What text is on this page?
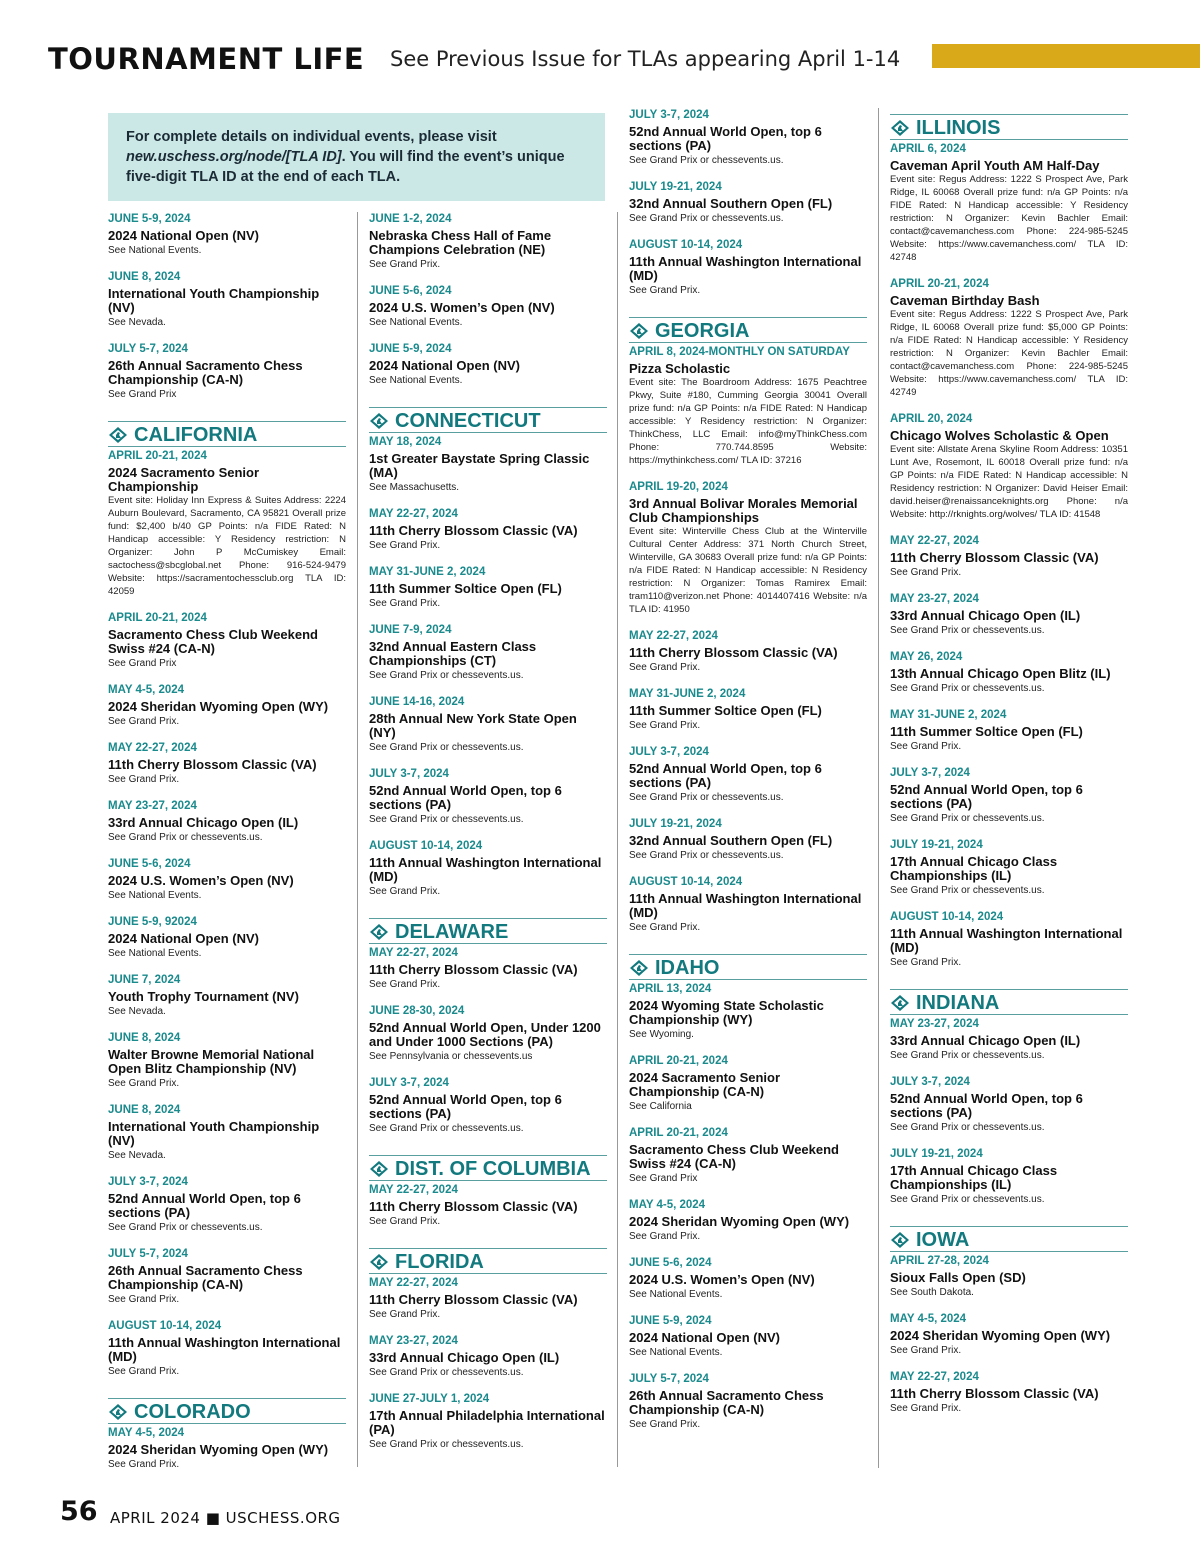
TOURNAMENT LIFE See Previous Issue for TLAs appearing April 1-14
For complete details on individual events, please visit
new.uschess.org/node/[TLA ID]. You will find the event’s unique five-digit TLA ID at the end of each TLA.
JUNE 5-9, 2024
2024 National Open (NV)
See National Events.
JUNE 8, 2024
International Youth Championship (NV)
See Nevada.
JULY 5-7, 2024
26th Annual Sacramento Chess Championship (CA-N)
See Grand Prix
CALIFORNIA
APRIL 20-21, 2024
2024 Sacramento Senior Championship
Event site: Holiday Inn Express & Suites Address: 2224 Auburn Boulevard, Sacramento, CA 95821 Overall prize fund: $2,400 b/40 GP Points: n/a FIDE Rated: N Handicap accessible: Y Residency restriction: N Organizer: John P McCumiskey Email: sactochess@sbcglobal.net Phone: 916-524-9479 Website: https://sacramentochessclub.org TLA ID: 42059
APRIL 20-21, 2024
Sacramento Chess Club Weekend Swiss #24 (CA-N)
See Grand Prix
MAY 4-5, 2024
2024 Sheridan Wyoming Open (WY)
See Grand Prix.
MAY 22-27, 2024
11th Cherry Blossom Classic (VA)
See Grand Prix.
MAY 23-27, 2024
33rd Annual Chicago Open (IL)
See Grand Prix or chessevents.us.
JUNE 5-6, 2024
2024 U.S. Women’s Open (NV)
See National Events.
JUNE 5-9, 92024
2024 National Open (NV)
See National Events.
JUNE 7, 2024
Youth Trophy Tournament (NV)
See Nevada.
JUNE 8, 2024
Walter Browne Memorial National Open Blitz Championship (NV)
See Grand Prix.
JUNE 8, 2024
International Youth Championship (NV)
See Nevada.
JULY 3-7, 2024
52nd Annual World Open, top 6 sections (PA)
See Grand Prix or chessevents.us.
JULY 5-7, 2024
26th Annual Sacramento Chess Championship (CA-N)
See Grand Prix.
AUGUST 10-14, 2024
11th Annual Washington International (MD)
See Grand Prix.
COLORADO
MAY 4-5, 2024
2024 Sheridan Wyoming Open (WY)
See Grand Prix.
JUNE 1-2, 2024
Nebraska Chess Hall of Fame Champions Celebration (NE)
See Grand Prix.
JUNE 5-6, 2024
2024 U.S. Women’s Open (NV)
See National Events.
JUNE 5-9, 2024
2024 National Open (NV)
See National Events.
CONNECTICUT
MAY 18, 2024
1st Greater Baystate Spring Classic (MA)
See Massachusetts.
MAY 22-27, 2024
11th Cherry Blossom Classic (VA)
See Grand Prix.
MAY 31-JUNE 2, 2024
11th Summer Soltice Open (FL)
See Grand Prix.
JUNE 7-9, 2024
32nd Annual Eastern Class Championships (CT)
See Grand Prix or chessevents.us.
JUNE 14-16, 2024
28th Annual New York State Open (NY)
See Grand Prix or chessevents.us.
JULY 3-7, 2024
52nd Annual World Open, top 6 sections (PA)
See Grand Prix or chessevents.us.
AUGUST 10-14, 2024
11th Annual Washington International (MD)
See Grand Prix.
DELAWARE
MAY 22-27, 2024
11th Cherry Blossom Classic (VA)
See Grand Prix.
JUNE 28-30, 2024
52nd Annual World Open, Under 1200 and Under 1000 Sections (PA)
See Pennsylvania or chessevents.us
JULY 3-7, 2024
52nd Annual World Open, top 6 sections (PA)
See Grand Prix or chessevents.us.
DIST. OF COLUMBIA
MAY 22-27, 2024
11th Cherry Blossom Classic (VA)
See Grand Prix.
FLORIDA
MAY 22-27, 2024
11th Cherry Blossom Classic (VA)
See Grand Prix.
MAY 23-27, 2024
33rd Annual Chicago Open (IL)
See Grand Prix or chessevents.us.
JUNE 27-JULY 1, 2024
17th Annual Philadelphia International (PA)
See Grand Prix or chessevents.us.
JULY 3-7, 2024
52nd Annual World Open, top 6 sections (PA)
See Grand Prix or chessevents.us.
JULY 19-21, 2024
32nd Annual Southern Open (FL)
See Grand Prix or chessevents.us.
AUGUST 10-14, 2024
11th Annual Washington International (MD)
See Grand Prix.
GEORGIA
APRIL 8, 2024-MONTHLY ON SATURDAY
Pizza Scholastic
Event site: The Boardroom Address: 1675 Peachtree Pkwy, Suite #180, Cumming Georgia 30041 Overall prize fund: n/a GP Points: n/a FIDE Rated: N Handicap accessible: Y Residency restriction: N Organizer: ThinkChess, LLC Email: info@myThinkChess.com Phone: 770.744.8595 Website: https://mythinkchess.com/ TLA ID: 37216
APRIL 19-20, 2024
3rd Annual Bolivar Morales Memorial Club Championships
Event site: Winterville Chess Club at the Winterville Cultural Center Address: 371 North Church Street, Winterville, GA 30683 Overall prize fund: n/a GP Points: n/a FIDE Rated: N Handicap accessible: N Residency restriction: N Organizer: Tomas Ramirex Email: tram110@verizon.net Phone: 4014407416 Website: n/a TLA ID: 41950
MAY 22-27, 2024
11th Cherry Blossom Classic (VA)
See Grand Prix.
MAY 31-JUNE 2, 2024
11th Summer Soltice Open (FL)
See Grand Prix.
JULY 3-7, 2024
52nd Annual World Open, top 6 sections (PA)
See Grand Prix or chessevents.us.
JULY 19-21, 2024
32nd Annual Southern Open (FL)
See Grand Prix or chessevents.us.
AUGUST 10-14, 2024
11th Annual Washington International (MD)
See Grand Prix.
IDAHO
APRIL 13, 2024
2024 Wyoming State Scholastic Championship (WY)
See Wyoming.
APRIL 20-21, 2024
2024 Sacramento Senior Championship (CA-N)
See California
APRIL 20-21, 2024
Sacramento Chess Club Weekend Swiss #24 (CA-N)
See Grand Prix
MAY 4-5, 2024
2024 Sheridan Wyoming Open (WY)
See Grand Prix.
JUNE 5-6, 2024
2024 U.S. Women’s Open (NV)
See National Events.
JUNE 5-9, 2024
2024 National Open (NV)
See National Events.
JULY 5-7, 2024
26th Annual Sacramento Chess Championship (CA-N)
See Grand Prix.
ILLINOIS
APRIL 6, 2024
Caveman April Youth AM Half-Day
Event site: Regus Address: 1222 S Prospect Ave, Park Ridge, IL 60068 Overall prize fund: n/a GP Points: n/a FIDE Rated: N Handicap accessible: Y Residency restriction: N Organizer: Kevin Bachler Email: contact@cavemanchess.com Phone: 224-985-5245 Website: https://www.cavemanchess.com/ TLA ID: 42748
APRIL 20-21, 2024
Caveman Birthday Bash
Event site: Regus Address: 1222 S Prospect Ave, Park Ridge, IL 60068 Overall prize fund: $5,000 GP Points: n/a FIDE Rated: N Handicap accessible: Y Residency restriction: N Organizer: Kevin Bachler Email: contact@cavemanchess.com Phone: 224-985-5245 Website: https://www.cavemanchess.com/ TLA ID: 42749
APRIL 20, 2024
Chicago Wolves Scholastic & Open
Event site: Allstate Arena Skyline Room Address: 10351 Lunt Ave, Rosemont, IL 60018 Overall prize fund: n/a GP Points: n/a FIDE Rated: N Handicap accessible: N Residency restriction: N Organizer: David Heiser Email: david.heiser@renaissanceknights.org Phone: n/a Website: http://rknights.org/wolves/ TLA ID: 41548
MAY 22-27, 2024
11th Cherry Blossom Classic (VA)
See Grand Prix.
MAY 23-27, 2024
33rd Annual Chicago Open (IL)
See Grand Prix or chessevents.us.
MAY 26, 2024
13th Annual Chicago Open Blitz (IL)
See Grand Prix or chessevents.us.
MAY 31-JUNE 2, 2024
11th Summer Soltice Open (FL)
See Grand Prix.
JULY 3-7, 2024
52nd Annual World Open, top 6 sections (PA)
See Grand Prix or chessevents.us.
JULY 19-21, 2024
17th Annual Chicago Class Championships (IL)
See Grand Prix or chessevents.us.
AUGUST 10-14, 2024
11th Annual Washington International (MD)
See Grand Prix.
INDIANA
MAY 23-27, 2024
33rd Annual Chicago Open (IL)
See Grand Prix or chessevents.us.
JULY 3-7, 2024
52nd Annual World Open, top 6 sections (PA)
See Grand Prix or chessevents.us.
JULY 19-21, 2024
17th Annual Chicago Class Championships (IL)
See Grand Prix or chessevents.us.
IOWA
APRIL 27-28, 2024
Sioux Falls Open (SD)
See South Dakota.
MAY 4-5, 2024
2024 Sheridan Wyoming Open (WY)
See Grand Prix.
MAY 22-27, 2024
11th Cherry Blossom Classic (VA)
See Grand Prix.
56 APRIL 2024 ■ USCHESS.ORG
